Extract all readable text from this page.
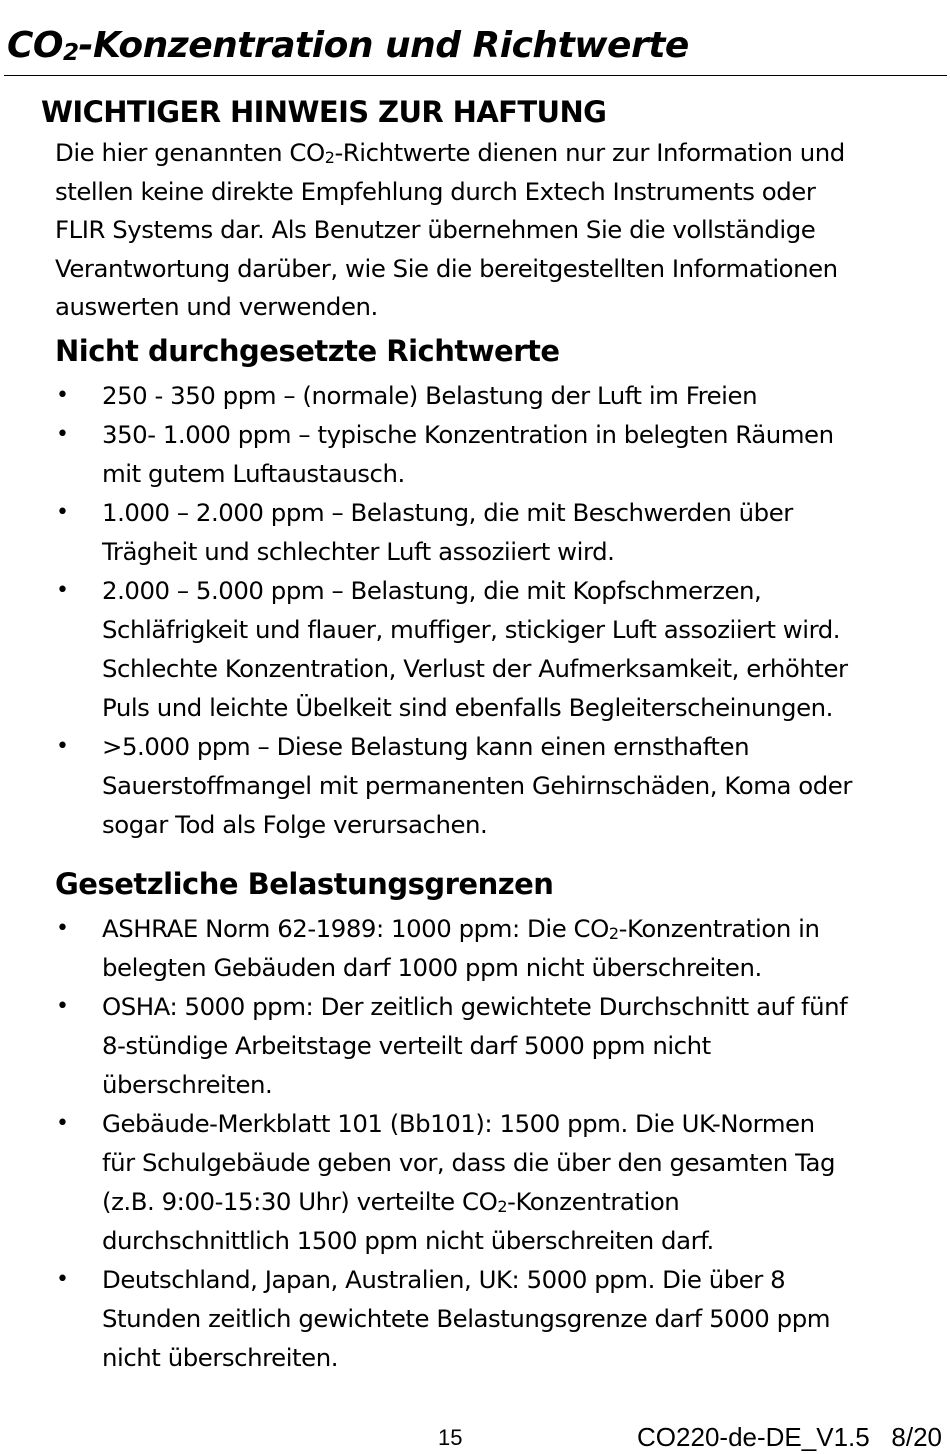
$CO_2$-Konzentration und Richtwerte
WICHTIGER HINWEIS ZUR HAFTUNG

Die hier genannten $CO_2$-Richtwerte dienen nur zur Information und
stellen keine direkte Empfehlung durch Extech Instruments oder
FLIR Systems dar. Als Benutzer übernehmen Sie die vollständige
Verantwortung darüber, wie Sie die bereitgestellten Informationen
auswerten und verwenden.

Nicht durchgesetzte Richtwerte
• 250 - 350 ppm – (normale) Belastung der Luft im Freien
• 350- 1.000 ppm – typische Konzentration in belegten Räumen
mit gutem Luftaustausch.
• 1.000 – 2.000 ppm – Belastung, die mit Beschwerden über
Trägheit und schlechter Luft assoziiert wird.
• 2.000 – 5.000 ppm – Belastung, die mit Kopfschmerzen,
Schläfrigkeit und flauer, muffiger, stickiger Luft assoziiert wird.
Schlechte Konzentration, Verlust der Aufmerksamkeit, erhöhter
Puls und leichte Übelkeit sind ebenfalls Begleiterscheinungen.
• >5.000 ppm – Diese Belastung kann einen ernsthaften
Sauerstoffmangel mit permanenten Gehirnschäden, Koma oder
sogar Tod als Folge verursachen.
Gesetzliche Belastungsgrenzen
• ASHRAE Norm 62-1989: 1000 ppm: Die $CO_2$-Konzentration in
belegten Gebäuden darf 1000 ppm nicht überschreiten.
• OSHA: 5000 ppm: Der zeitlich gewichtete Durchschnitt auf fünf
8-stündige Arbeitstage verteilt darf 5000 ppm nicht
überschreiten.
• Gebäude-Merkblatt 101 (Bb101): 1500 ppm. Die UK-Normen
für Schulgebäude geben vor, dass die über den gesamten Tag
(z.B. 9:00-15:30 Uhr) verteilte $CO_2$-Konzentration
durchschnittlich 1500 ppm nicht überschreiten darf.
• Deutschland, Japan, Australien, UK: 5000 ppm. Die über 8
Stunden zeitlich gewichtete Belastungsgrenze darf 5000 ppm
nicht überschreiten.
15	CO220-de-DE_V1.5   8/20
